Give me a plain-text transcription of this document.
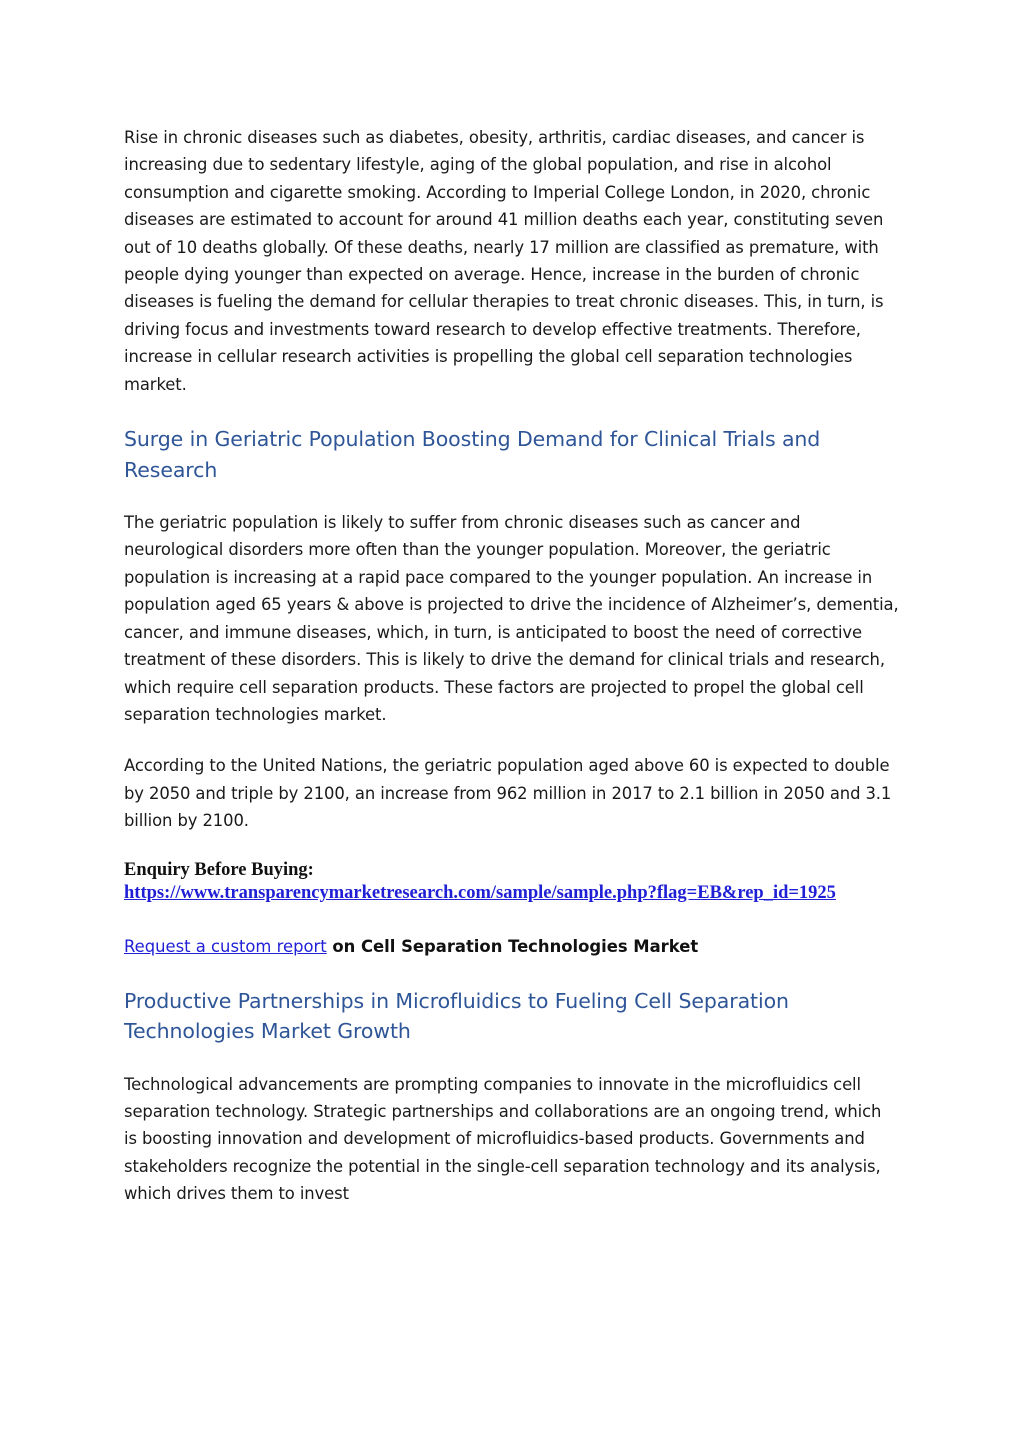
Rise in chronic diseases such as diabetes, obesity, arthritis, cardiac diseases, and cancer is increasing due to sedentary lifestyle, aging of the global population, and rise in alcohol consumption and cigarette smoking. According to Imperial College London, in 2020, chronic diseases are estimated to account for around 41 million deaths each year, constituting seven out of 10 deaths globally. Of these deaths, nearly 17 million are classified as premature, with people dying younger than expected on average. Hence, increase in the burden of chronic diseases is fueling the demand for cellular therapies to treat chronic diseases. This, in turn, is driving focus and investments toward research to develop effective treatments. Therefore, increase in cellular research activities is propelling the global cell separation technologies market.

Surge in Geriatric Population Boosting Demand for Clinical Trials and Research

The geriatric population is likely to suffer from chronic diseases such as cancer and neurological disorders more often than the younger population. Moreover, the geriatric population is increasing at a rapid pace compared to the younger population. An increase in population aged 65 years & above is projected to drive the incidence of Alzheimer’s, dementia, cancer, and immune diseases, which, in turn, is anticipated to boost the need of corrective treatment of these disorders. This is likely to drive the demand for clinical trials and research, which require cell separation products. These factors are projected to propel the global cell separation technologies market.

According to the United Nations, the geriatric population aged above 60 is expected to double by 2050 and triple by 2100, an increase from 962 million in 2017 to 2.1 billion in 2050 and 3.1 billion by 2100.

Enquiry Before Buying:
https://www.transparencymarketresearch.com/sample/sample.php?flag=EB&rep_id=1925
Request a custom report on Cell Separation Technologies Market
Productive Partnerships in Microfluidics to Fueling Cell Separation Technologies Market Growth

Technological advancements are prompting companies to innovate in the microfluidics cell separation technology. Strategic partnerships and collaborations are an ongoing trend, which is boosting innovation and development of microfluidics-based products. Governments and stakeholders recognize the potential in the single-cell separation technology and its analysis, which drives them to invest
